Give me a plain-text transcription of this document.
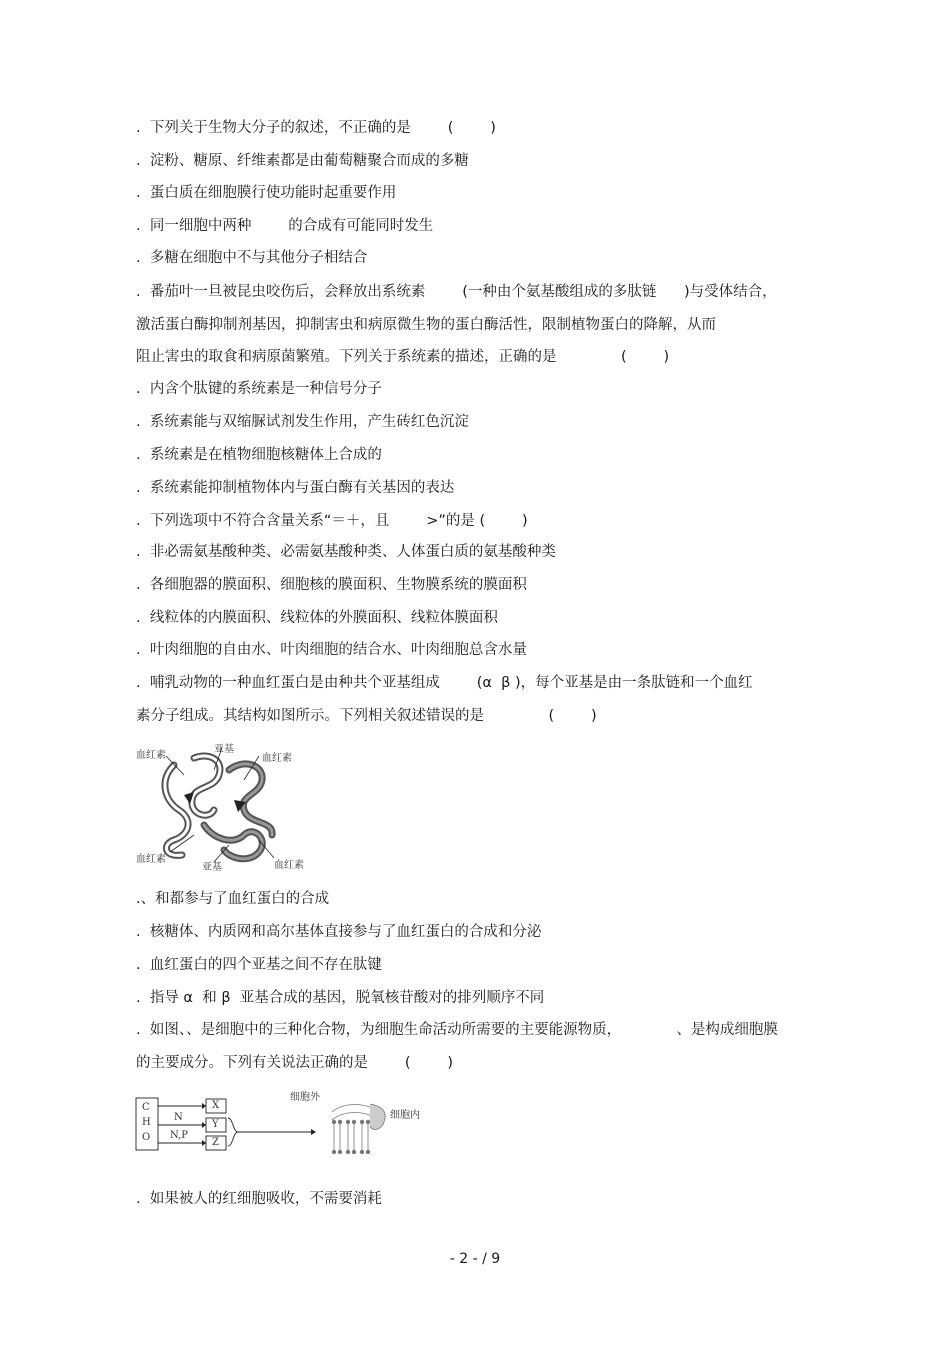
.  下列关于生物大分子的叙述，不正确的是        (        )
.  淀粉、糖原、纤维素都是由葡萄糖聚合而成的多糖
.  蛋白质在细胞膜行使功能时起重要作用
.  同一细胞中两种        的合成有可能同时发生
.  多糖在细胞中不与其他分子相结合
.  番茄叶一旦被昆虫咬伤后，会释放出系统素        (一种由个氨基酸组成的多肽链      )与受体结合，
激活蛋白酶抑制剂基因，抑制害虫和病原微生物的蛋白酶活性，限制植物蛋白的降解，从而
阻止害虫的取食和病原菌繁殖。下列关于系统素的描述，正确的是              (        )
.  内含个肽键的系统素是一种信号分子
.  系统素能与双缩脲试剂发生作用，产生砖红色沉淀
.  系统素是在植物细胞核糖体上合成的
.  系统素能抑制植物体内与蛋白酶有关基因的表达
.  下列选项中不符合含量关系“＝＋，且        >”的是 (        )
.  非必需氨基酸种类、必需氨基酸种类、人体蛋白质的氨基酸种类
.  各细胞器的膜面积、细胞核的膜面积、生物膜系统的膜面积
.  线粒体的内膜面积、线粒体的外膜面积、线粒体膜面积
.  叶肉细胞的自由水、叶肉细胞的结合水、叶肉细胞总含水量
.  哺乳动物的一种血红蛋白是由种共个亚基组成        (α  β )，每个亚基是由一条肽链和一个血红
素分子组成。其结构如图所示。下列相关叙述错误的是              (        )
.、和都参与了血红蛋白的合成
.  核糖体、内质网和高尔基体直接参与了血红蛋白的合成和分泌
.  血红蛋白的四个亚基之间不存在肽键
.  指导 α  和 β  亚基合成的基因，脱氧核苷酸对的排列顺序不同
.  如图、、是细胞中的三种化合物，为细胞生命活动所需要的主要能源物质，            、是构成细胞膜
的主要成分。下列有关说法正确的是        (        )
.  如果被人的红细胞吸收，不需要消耗
血红素
亚基
血红素
血红素
亚基	血红素
C
H
O
N
N,P
X
Y
Z
细胞外
细胞内
- 2 - / 9
